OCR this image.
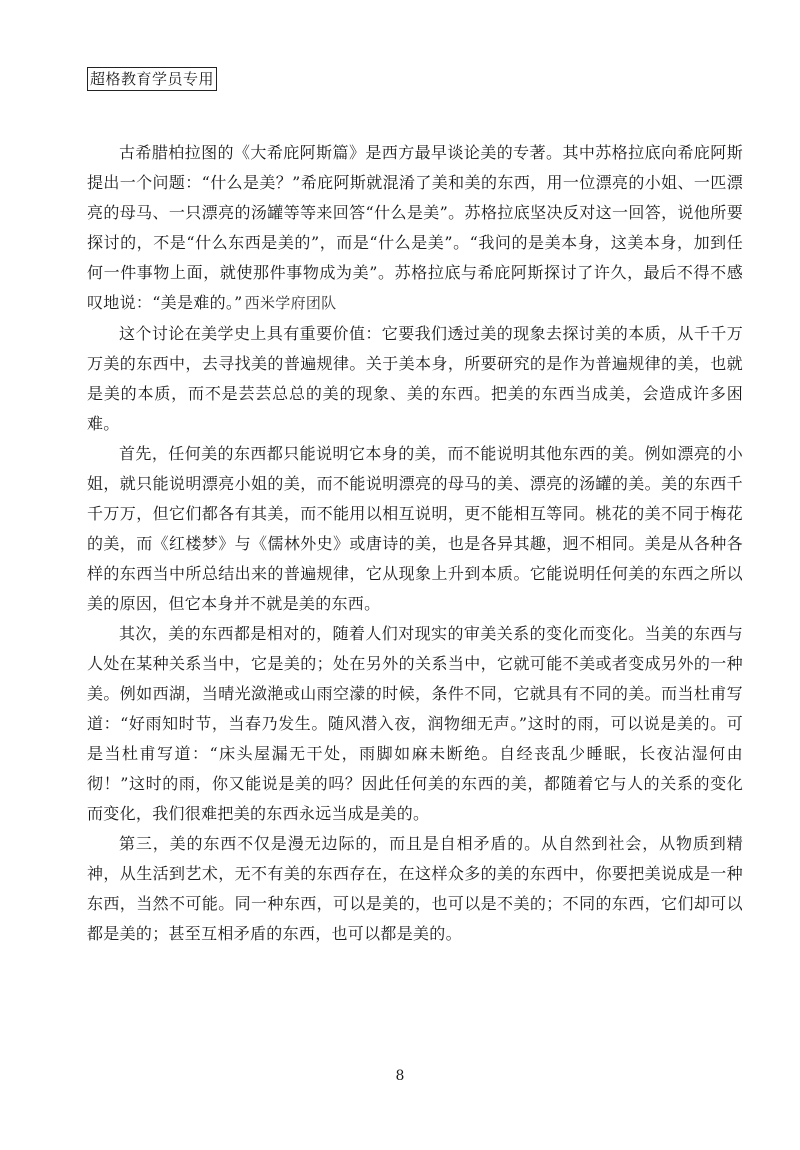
超格教育学员专用

古希腊柏拉图的《大希庇阿斯篇》是西方最早谈论美的专著。其中苏格拉底向希庇阿斯提出一个问题：“什么是美？”希庇阿斯就混淆了美和美的东西，用一位漂亮的小姐、一匹漂亮的母马、一只漂亮的汤罐等等来回答“什么是美”。苏格拉底坚决反对这一回答，说他所要探讨的，不是“什么东西是美的”，而是“什么是美”。“我问的是美本身，这美本身，加到任何一件事物上面，就使那件事物成为美”。苏格拉底与希庇阿斯探讨了许久，最后不得不感叹地说：“美是难的。” 西米学府团队

这个讨论在美学史上具有重要价值：它要我们透过美的现象去探讨美的本质，从千千万万美的东西中，去寻找美的普遍规律。关于美本身，所要研究的是作为普遍规律的美，也就是美的本质，而不是芸芸总总的美的现象、美的东西。把美的东西当成美，会造成许多困难。

首先，任何美的东西都只能说明它本身的美，而不能说明其他东西的美。例如漂亮的小姐，就只能说明漂亮小姐的美，而不能说明漂亮的母马的美、漂亮的汤罐的美。美的东西千千万万，但它们都各有其美，而不能用以相互说明，更不能相互等同。桃花的美不同于梅花的美，而《红楼梦》与《儒林外史》或唐诗的美，也是各异其趣，迥不相同。美是从各种各样的东西当中所总结出来的普遍规律，它从现象上升到本质。它能说明任何美的东西之所以美的原因，但它本身并不就是美的东西。

其次，美的东西都是相对的，随着人们对现实的审美关系的变化而变化。当美的东西与人处在某种关系当中，它是美的；处在另外的关系当中，它就可能不美或者变成另外的一种美。例如西湖，当晴光潋滟或山雨空濛的时候，条件不同，它就具有不同的美。而当杜甫写道：“好雨知时节，当春乃发生。随风潜入夜，润物细无声。”这时的雨，可以说是美的。可是当杜甫写道：“床头屋漏无干处，雨脚如麻未断绝。自经丧乱少睡眠，长夜沾湿何由彻！”这时的雨，你又能说是美的吗？因此任何美的东西的美，都随着它与人的关系的变化而变化，我们很难把美的东西永远当成是美的。

第三，美的东西不仅是漫无边际的，而且是自相矛盾的。从自然到社会，从物质到精神，从生活到艺术，无不有美的东西存在，在这样众多的美的东西中，你要把美说成是一种东西，当然不可能。同一种东西，可以是美的，也可以是不美的；不同的东西，它们却可以都是美的；甚至互相矛盾的东西，也可以都是美的。

8
